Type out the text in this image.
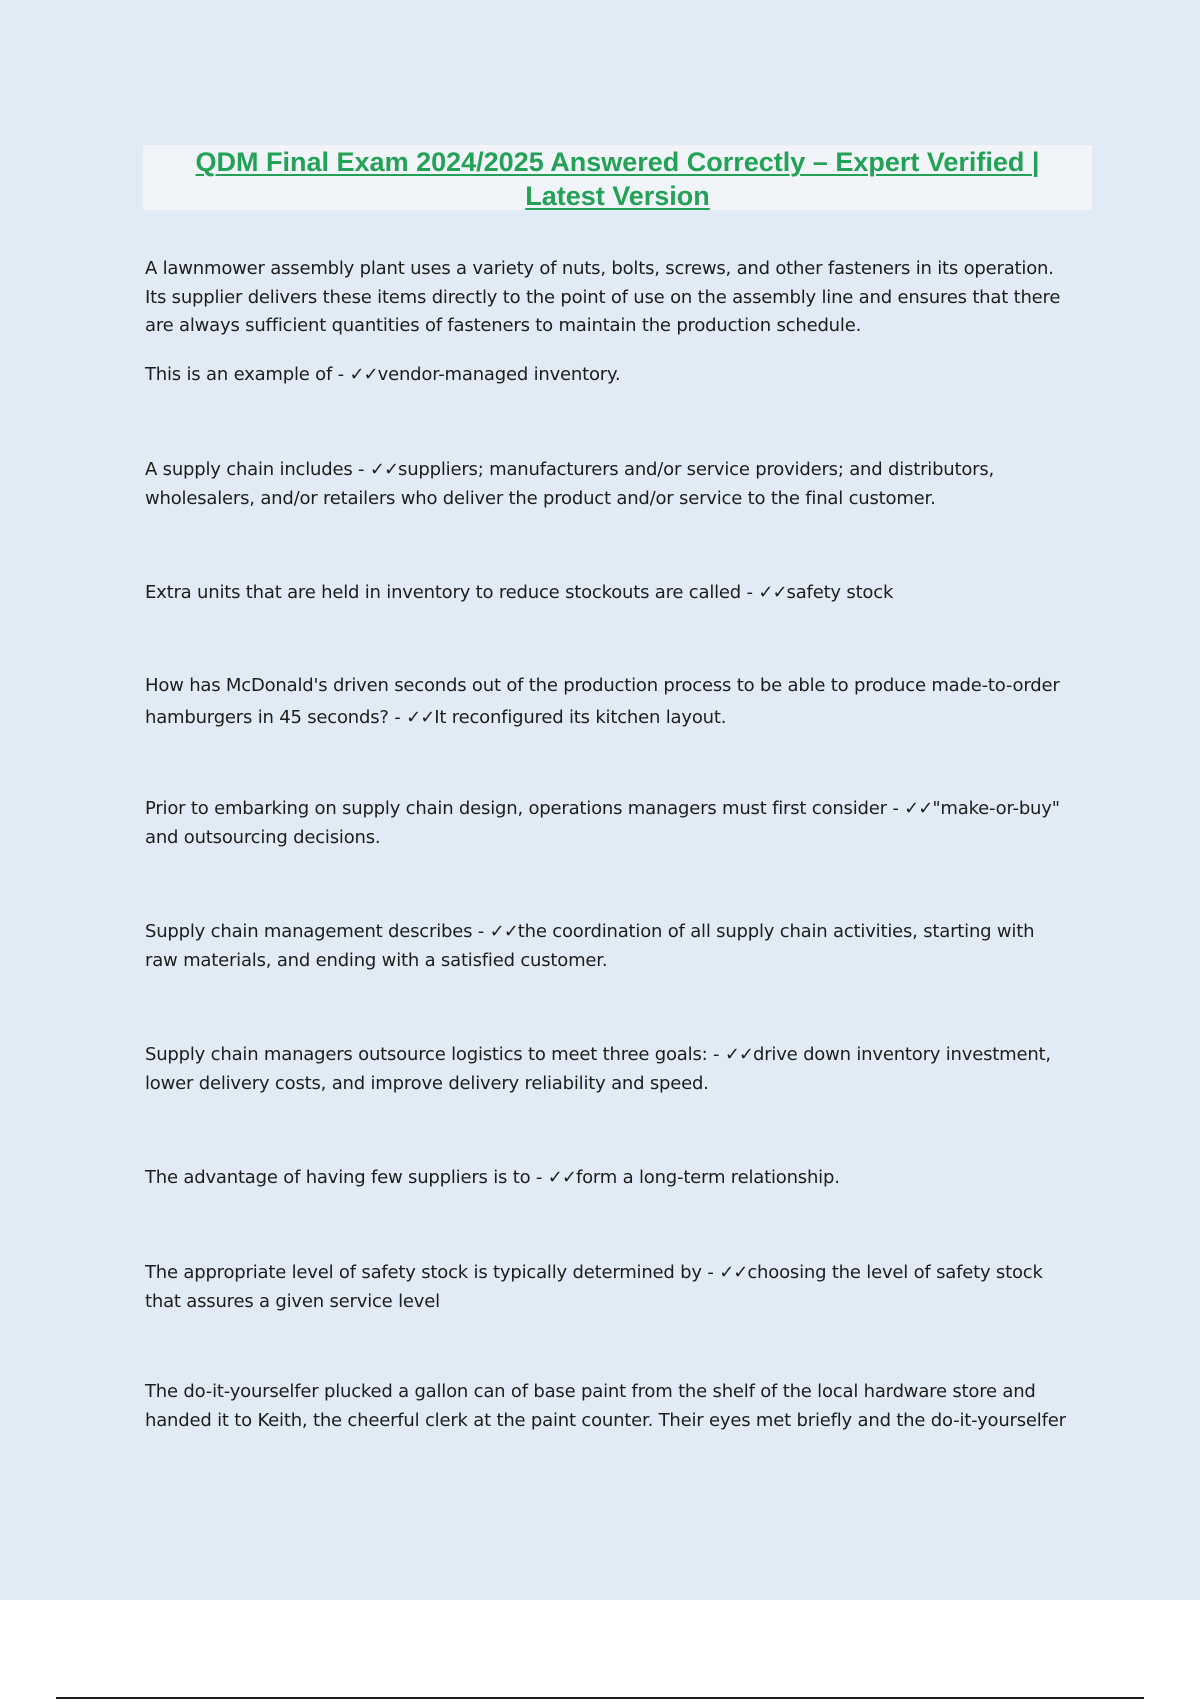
QDM Final Exam 2024/2025 Answered Correctly – Expert Verified |
Latest Version
A lawnmower assembly plant uses a variety of nuts, bolts, screws, and other fasteners in its operation.
Its supplier delivers these items directly to the point of use on the assembly line and ensures that there
are always sufficient quantities of fasteners to maintain the production schedule.
This is an example of - ✓✓vendor-managed inventory.
A supply chain includes - ✓✓suppliers; manufacturers and/or service providers; and distributors,
wholesalers, and/or retailers who deliver the product and/or service to the final customer.
Extra units that are held in inventory to reduce stockouts are called - ✓✓safety stock
How has McDonald's driven seconds out of the production process to be able to produce made-to-order
hamburgers in 45 seconds? - ✓✓It reconfigured its kitchen layout.
Prior to embarking on supply chain design, operations managers must first consider - ✓✓"make-or-buy"
and outsourcing decisions.
Supply chain management describes - ✓✓the coordination of all supply chain activities, starting with
raw materials, and ending with a satisfied customer.
Supply chain managers outsource logistics to meet three goals: - ✓✓drive down inventory investment,
lower delivery costs, and improve delivery reliability and speed.
The advantage of having few suppliers is to - ✓✓form a long-term relationship.
The appropriate level of safety stock is typically determined by - ✓✓choosing the level of safety stock
that assures a given service level
The do-it-yourselfer plucked a gallon can of base paint from the shelf of the local hardware store and
handed it to Keith, the cheerful clerk at the paint counter. Their eyes met briefly and the do-it-yourselfer
